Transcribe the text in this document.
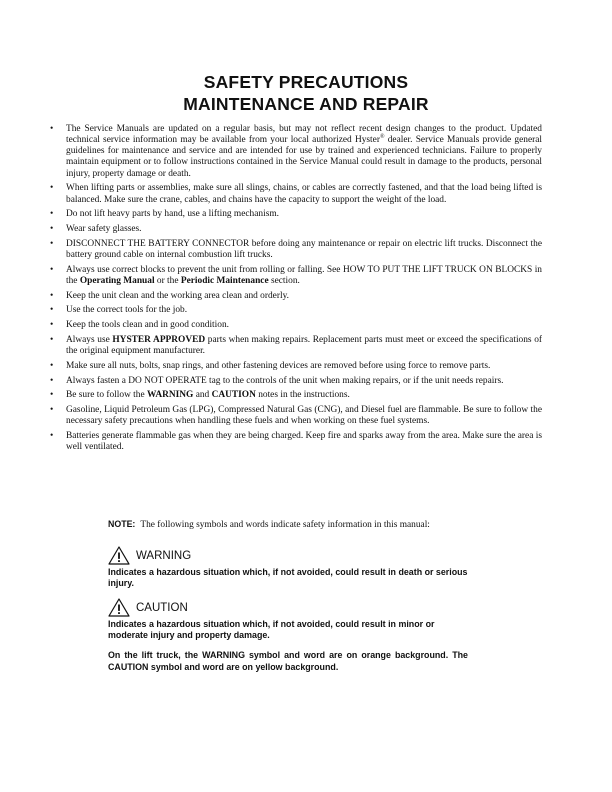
SAFETY PRECAUTIONS
MAINTENANCE AND REPAIR
• The Service Manuals are updated on a regular basis, but may not reflect recent design changes to the product. Updated technical service information may be available from your local authorized Hyster® dealer. Service Manuals provide general guidelines for maintenance and service and are intended for use by trained and experienced technicians. Failure to properly maintain equipment or to follow instructions contained in the Service Manual could result in damage to the products, personal injury, property damage or death.
• When lifting parts or assemblies, make sure all slings, chains, or cables are correctly fastened, and that the load being lifted is balanced. Make sure the crane, cables, and chains have the capacity to support the weight of the load.
• Do not lift heavy parts by hand, use a lifting mechanism.
• Wear safety glasses.
• DISCONNECT THE BATTERY CONNECTOR before doing any maintenance or repair on electric lift trucks. Disconnect the battery ground cable on internal combustion lift trucks.
• Always use correct blocks to prevent the unit from rolling or falling. See HOW TO PUT THE LIFT TRUCK ON BLOCKS in the Operating Manual or the Periodic Maintenance section.
• Keep the unit clean and the working area clean and orderly.
• Use the correct tools for the job.
• Keep the tools clean and in good condition.
• Always use HYSTER APPROVED parts when making repairs. Replacement parts must meet or exceed the specifications of the original equipment manufacturer.
• Make sure all nuts, bolts, snap rings, and other fastening devices are removed before using force to remove parts.
• Always fasten a DO NOT OPERATE tag to the controls of the unit when making repairs, or if the unit needs repairs.
• Be sure to follow the WARNING and CAUTION notes in the instructions.
• Gasoline, Liquid Petroleum Gas (LPG), Compressed Natural Gas (CNG), and Diesel fuel are flammable. Be sure to follow the necessary safety precautions when handling these fuels and when working on these fuel systems.
• Batteries generate flammable gas when they are being charged. Keep fire and sparks away from the area. Make sure the area is well ventilated.

NOTE: The following symbols and words indicate safety information in this manual:

WARNING

Indicates a hazardous situation which, if not avoided, could result in death or serious injury.

CAUTION

Indicates a hazardous situation which, if not avoided, could result in minor or moderate injury and property damage.

On the lift truck, the WARNING symbol and word are on orange background. The CAUTION symbol and word are on yellow background.
